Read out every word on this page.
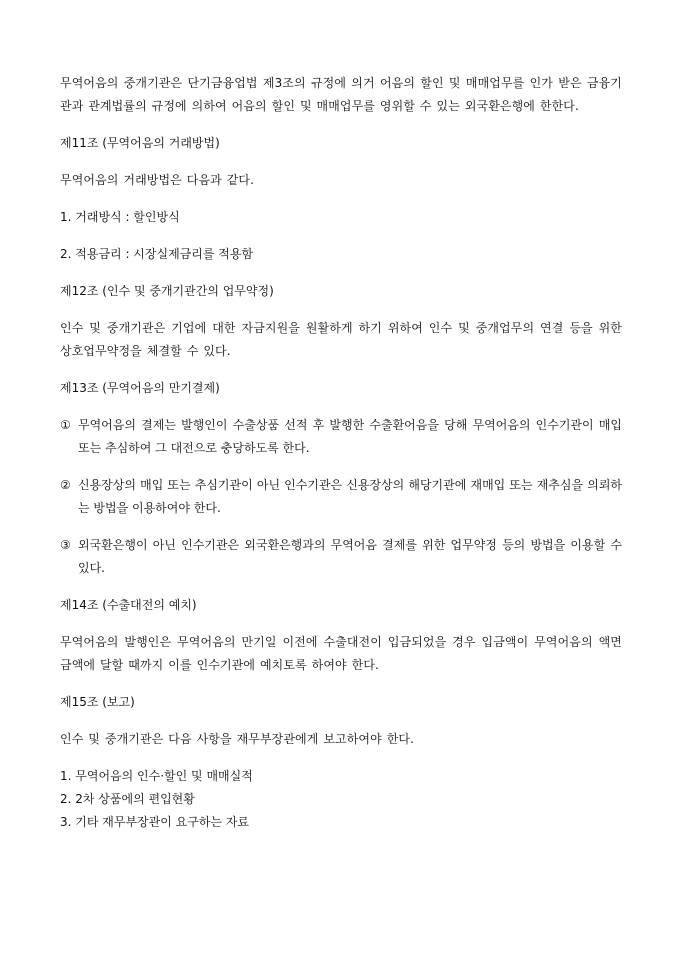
무역어음의 중개기관은 단기금융업법 제3조의 규정에 의거 어음의 할인 및 매매업무를 인가 받은 금융기관과 관계법률의 규정에 의하여 어음의 할인 및 매매업무를 영위할 수 있는 외국환은행에 한한다.

제11조 (무역어음의 거래방법)

무역어음의 거래방법은 다음과 같다.

1. 거래방식 : 할인방식

2. 적용금리 : 시장실제금리를 적용함

제12조 (인수 및 중개기관간의 업무약정)

인수 및 중개기관은 기업에 대한 자금지원을 원활하게 하기 위하여 인수 및 중개업무의 연결 등을 위한 상호업무약정을 체결할 수 있다.

제13조 (무역어음의 만기결제)

① 무역어음의 결제는 발행인이 수출상품 선적 후 발행한 수출환어음을 당해 무역어음의 인수기관이 매입 또는 추심하여 그 대전으로 충당하도록 한다.
② 신용장상의 매입 또는 추심기관이 아닌 인수기관은 신용장상의 해당기관에 재매입 또는 재추심을 의뢰하는 방법을 이용하여야 한다.
③ 외국환은행이 아닌 인수기관은 외국환은행과의 무역어음 결제를 위한 업무약정 등의 방법을 이용할 수 있다.

제14조 (수출대전의 예치)

무역어음의 발행인은 무역어음의 만기일 이전에 수출대전이 입금되었을 경우 입금액이 무역어음의 액면금액에 달할 때까지 이를 인수기관에 예치토록 하여야 한다.

제15조 (보고)

인수 및 중개기관은 다음 사항을 재무부장관에게 보고하여야 한다.

1. 무역어음의 인수·할인 및 매매실적

2. 2차 상품에의 편입현황

3. 기타 재무부장관이 요구하는 자료
